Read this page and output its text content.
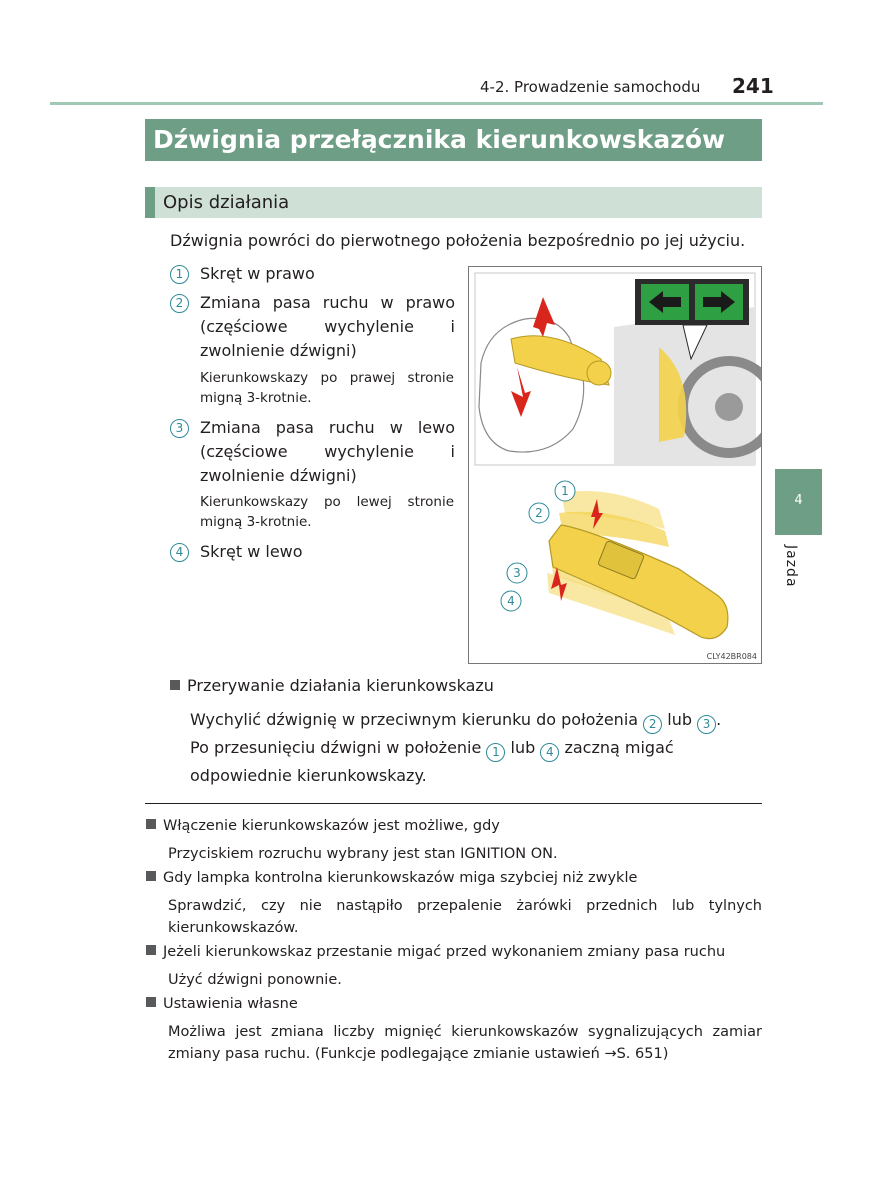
4-2. Prowadzenie samochodu 241
Dźwignia przełącznika kierunkowskazów
Opis działania
Dźwignia powróci do pierwotnego położenia bezpośrednio po jej użyciu.
1	Skręt w prawo
2	Zmiana pasa ruchu w prawo (częściowe wychylenie i zwolnienie dźwigni)
Kierunkowskazy po prawej stronie migną 3-krotnie.
3	Zmiana pasa ruchu w lewo (częściowe wychylenie i zwolnienie dźwigni)
Kierunkowskazy po lewej stronie migną 3-krotnie.
4	Skręt w lewo
1
2
3
4
CLY42BR084
Przerywanie działania kierunkowskazu
Wychylić dźwignię w przeciwnym kierunku do położenia 2 lub 3 .
Po przesunięciu dźwigni w położenie 1 lub 4 zaczną migać odpowiednie kierunkowskazy.
Włączenie kierunkowskazów jest możliwe, gdy
Przyciskiem rozruchu wybrany jest stan IGNITION ON.
Gdy lampka kontrolna kierunkowskazów miga szybciej niż zwykle
Sprawdzić, czy nie nastąpiło przepalenie żarówki przednich lub tylnych kierunkowskazów.
Jeżeli kierunkowskaz przestanie migać przed wykonaniem zmiany pasa ruchu
Użyć dźwigni ponownie.
Ustawienia własne
Możliwa jest zmiana liczby mignięć kierunkowskazów sygnalizujących zamiar zmiany pasa ruchu. (Funkcje podlegające zmianie ustawień →S. 651)
4
Jazda
